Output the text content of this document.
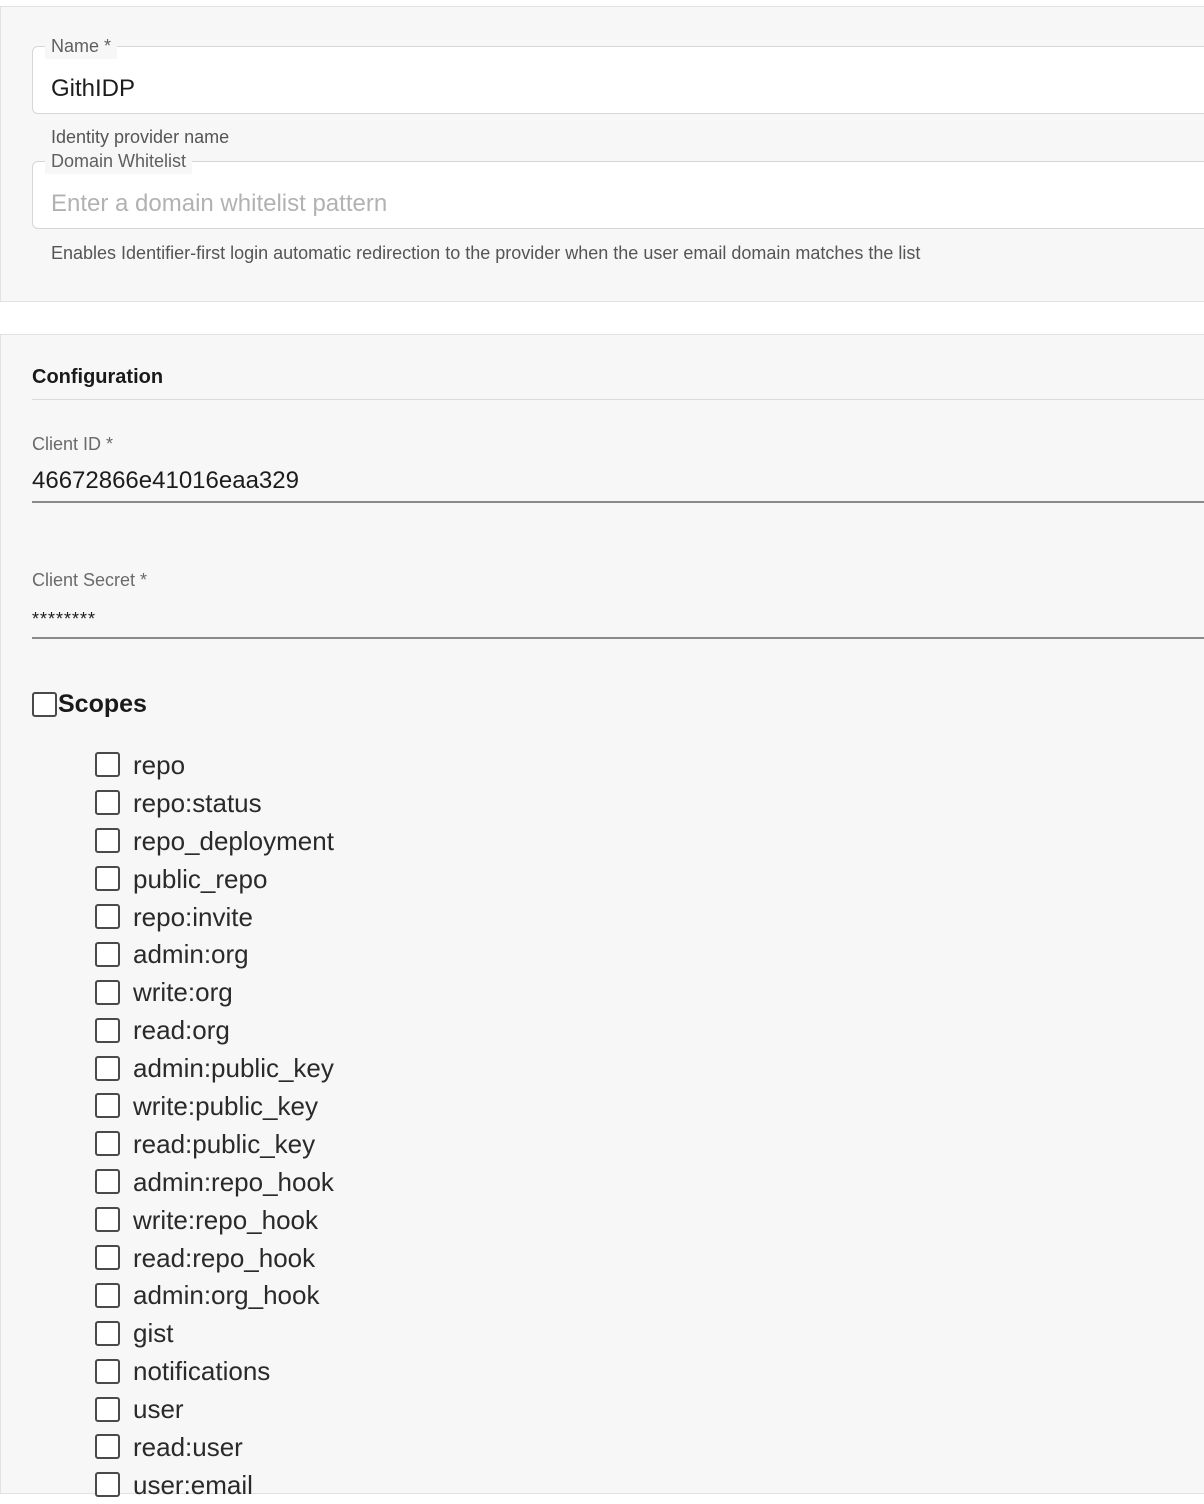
Name *
GithIDP
Identity provider name
Domain Whitelist
Enter a domain whitelist pattern
Enables Identifier-first login automatic redirection to the provider when the user email domain matches the list
Configuration
Client ID *
46672866e41016eaa329
Client Secret *
********
Scopes
repo
repo:status
repo_deployment
public_repo
repo:invite
admin:org
write:org
read:org
admin:public_key
write:public_key
read:public_key
admin:repo_hook
write:repo_hook
read:repo_hook
admin:org_hook
gist
notifications
user
read:user
user:email
